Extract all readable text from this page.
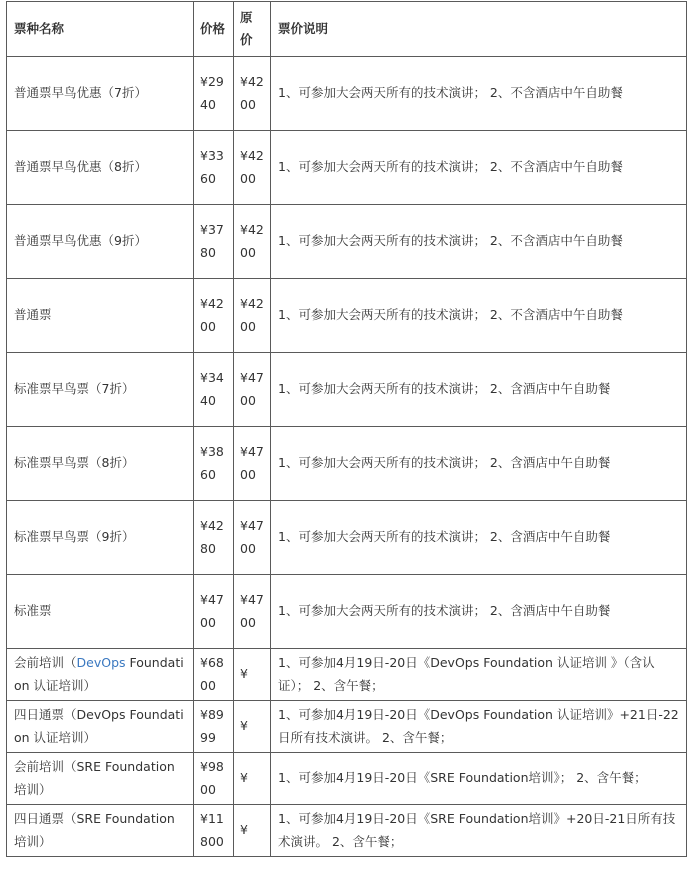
票种名称	价格	原价	票价说明
普通票早鸟优惠（7折）	¥2940	¥4200	1、可参加大会两天所有的技术演讲； 2、不含酒店中午自助餐
普通票早鸟优惠（8折）	¥3360	¥4200	1、可参加大会两天所有的技术演讲； 2、不含酒店中午自助餐
普通票早鸟优惠（9折）	¥3780	¥4200	1、可参加大会两天所有的技术演讲； 2、不含酒店中午自助餐
普通票	¥4200	¥4200	1、可参加大会两天所有的技术演讲； 2、不含酒店中午自助餐
标准票早鸟票（7折）	¥3440	¥4700	1、可参加大会两天所有的技术演讲； 2、含酒店中午自助餐
标准票早鸟票（8折）	¥3860	¥4700	1、可参加大会两天所有的技术演讲； 2、含酒店中午自助餐
标准票早鸟票（9折）	¥4280	¥4700	1、可参加大会两天所有的技术演讲； 2、含酒店中午自助餐
标准票	¥4700	¥4700	1、可参加大会两天所有的技术演讲； 2、含酒店中午自助餐
会前培训（DevOps Foundation 认证培训）	¥6800	¥	1、可参加4月19日-20日《DevOps Foundation 认证培训 》（含认证）； 2、含午餐；
四日通票（DevOps Foundation 认证培训）	¥8999	¥	1、可参加4月19日-20日《DevOps Foundation 认证培训》+21日-22日所有技术演讲。 2、含午餐；
会前培训（SRE Foundation 培训）	¥9800	¥	1、可参加4月19日-20日《SRE Foundation培训》； 2、含午餐；
四日通票（SRE Foundation 培训）	¥11800	¥	1、可参加4月19日-20日《SRE Foundation培训》+20日-21日所有技术演讲。 2、含午餐；
